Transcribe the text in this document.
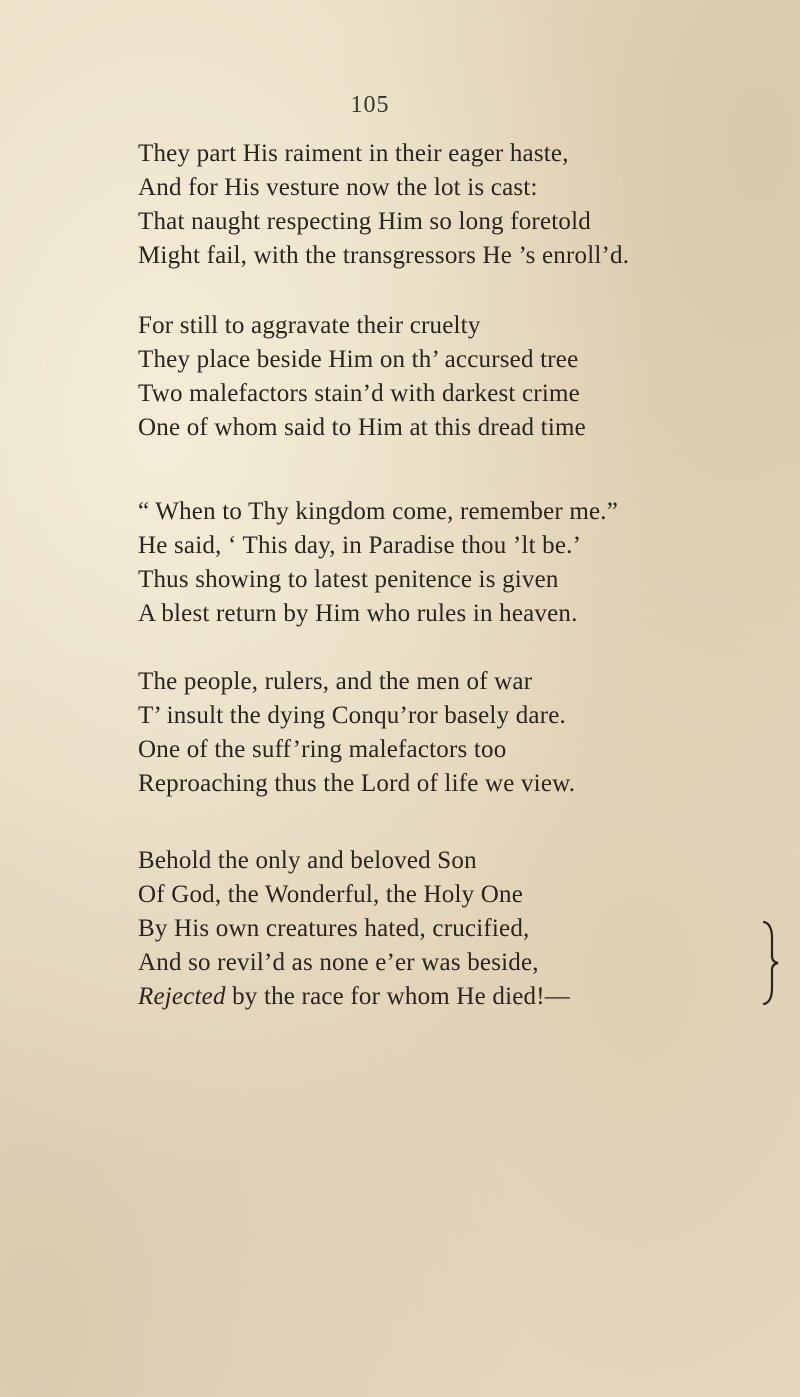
105
They part His raiment in their eager haste,
And for His vesture now the lot is cast:
That naught respecting Him so long foretold
Might fail, with the transgressors He ’s enroll’d.
For still to aggravate their cruelty
They place beside Him on th’ accursed tree
Two malefactors stain’d with darkest crime
One of whom said to Him at this dread time
“ When to Thy kingdom come, remember me.”
He said, ‘ This day, in Paradise thou ’lt be.’
Thus showing to latest penitence is given
A blest return by Him who rules in heaven.
The people, rulers, and the men of war
T’ insult the dying Conqu’ror basely dare.
One of the suff’ring malefactors too
Reproaching thus the Lord of life we view.
Behold the only and beloved Son
Of God, the Wonderful, the Holy One
By His own creatures hated, crucified,
And so revil’d as none e’er was beside,
Rejected by the race for whom He died!—
